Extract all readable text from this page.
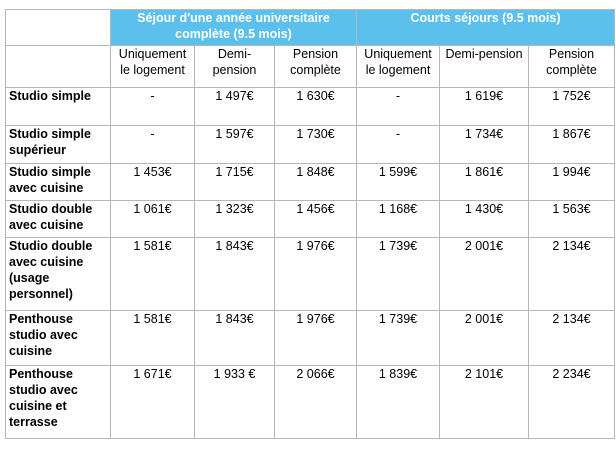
	Séjour d'une année universitaire complète (9.5 mois)			Courts séjours (9.5 mois)		
	Uniquement le logement	Demi-pension	Pension complète	Uniquement le logement	Demi-pension	Pension complète
Studio simple	-	1 497€	1 630€	-	1 619€	1 752€
Studio simple supérieur	-	1 597€	1 730€	-	1 734€	1 867€
Studio simple avec cuisine	1 453€	1 715€	1 848€	1 599€	1 861€	1 994€
Studio double avec cuisine	1 061€	1 323€	1 456€	1 168€	1 430€	1 563€
Studio double avec cuisine (usage personnel)	1 581€	1 843€	1 976€	1 739€	2 001€	2 134€
Penthouse studio avec cuisine	1 581€	1 843€	1 976€	1 739€	2 001€	2 134€
Penthouse studio avec cuisine et terrasse	1 671€	1 933 €	2 066€	1 839€	2 101€	2 234€
